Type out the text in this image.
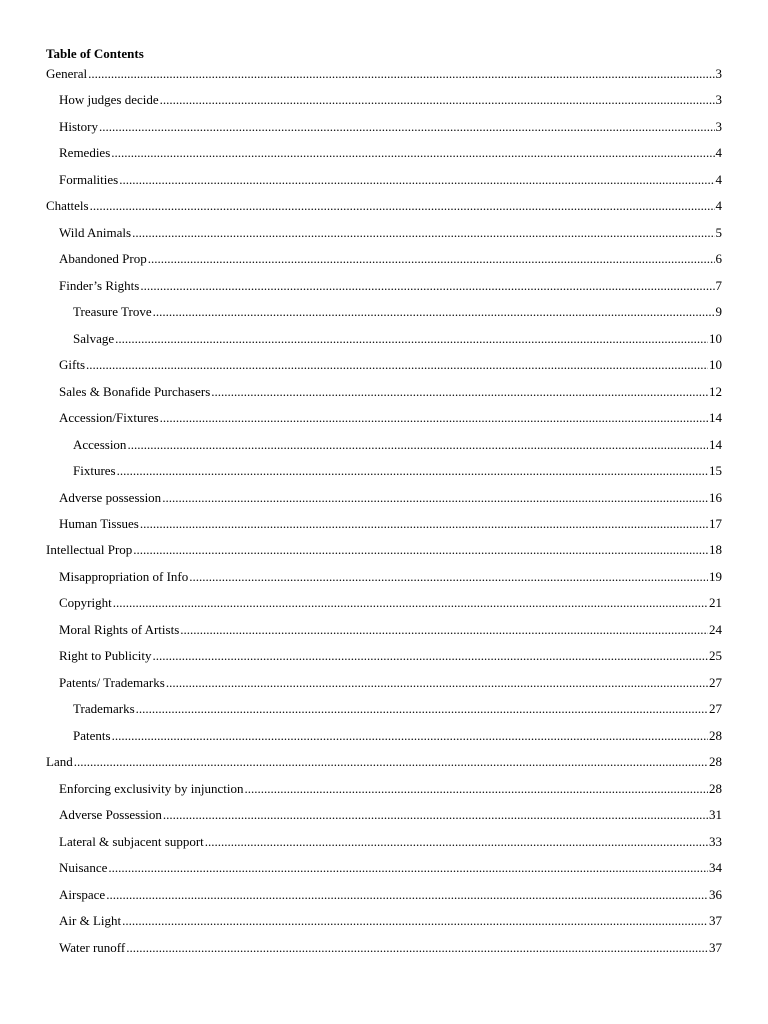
Table of Contents
General .....	3
How judges decide .....	3
History .....	3
Remedies .....	4
Formalities .....	4
Chattels .....	4
Wild Animals .....	5
Abandoned Prop .....	6
Finder’s Rights .....	7
Treasure Trove .....	9
Salvage .....	10
Gifts .....	10
Sales & Bonafide Purchasers .....	12
Accession/Fixtures .....	14
Accession .....	14
Fixtures .....	15
Adverse possession .....	16
Human Tissues .....	17
Intellectual Prop .....	18
Misappropriation of Info .....	19
Copyright .....	21
Moral Rights of Artists .....	24
Right to Publicity .....	25
Patents/ Trademarks .....	27
Trademarks .....	27
Patents .....	28
Land .....	28
Enforcing exclusivity by injunction .....	28
Adverse Possession .....	31
Lateral & subjacent support .....	33
Nuisance .....	34
Airspace .....	36
Air & Light .....	37
Water runoff .....	37
